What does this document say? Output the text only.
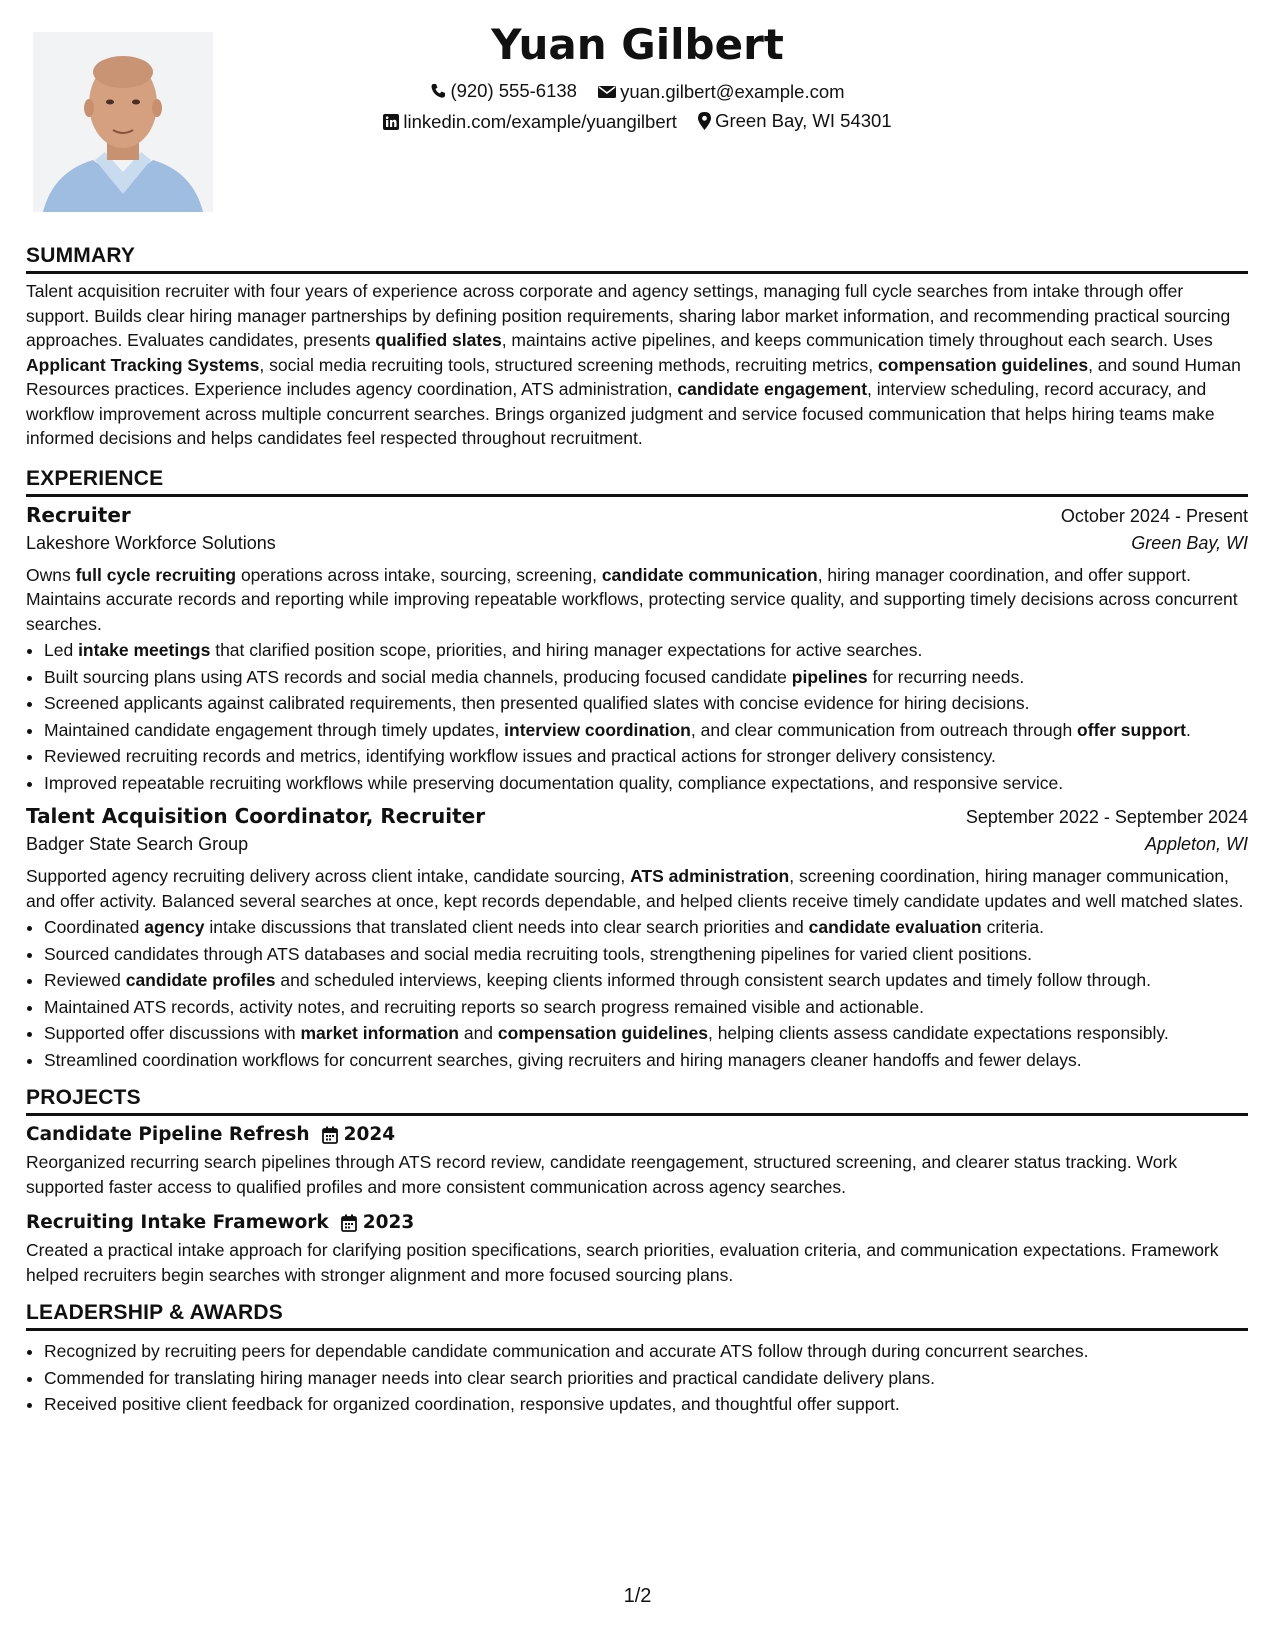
Yuan Gilbert
(920) 555-6138
yuan.gilbert@example.com
linkedin.com/example/yuangilbert
Green Bay, WI 54301
SUMMARY

Talent acquisition recruiter with four years of experience across corporate and agency settings, managing full cycle searches from intake through offer support. Builds clear hiring manager partnerships by defining position requirements, sharing labor market information, and recommending practical sourcing approaches. Evaluates candidates, presents qualified slates, maintains active pipelines, and keeps communication timely throughout each search. Uses Applicant Tracking Systems, social media recruiting tools, structured screening methods, recruiting metrics, compensation guidelines, and sound Human Resources practices. Experience includes agency coordination, ATS administration, candidate engagement, interview scheduling, record accuracy, and workflow improvement across multiple concurrent searches. Brings organized judgment and service focused communication that helps hiring teams make informed decisions and helps candidates feel respected throughout recruitment.

EXPERIENCE
Recruiter	October 2024 - Present
Lakeshore Workforce Solutions	Green Bay, WI

Owns full cycle recruiting operations across intake, sourcing, screening, candidate communication, hiring manager coordination, and offer support. Maintains accurate records and reporting while improving repeatable workflows, protecting service quality, and supporting timely decisions across concurrent searches.

• Led intake meetings that clarified position scope, priorities, and hiring manager expectations for active searches.
• Built sourcing plans using ATS records and social media channels, producing focused candidate pipelines for recurring needs.
• Screened applicants against calibrated requirements, then presented qualified slates with concise evidence for hiring decisions.
• Maintained candidate engagement through timely updates, interview coordination, and clear communication from outreach through offer support.
• Reviewed recruiting records and metrics, identifying workflow issues and practical actions for stronger delivery consistency.
• Improved repeatable recruiting workflows while preserving documentation quality, compliance expectations, and responsive service.
Talent Acquisition Coordinator, Recruiter	September 2022 - September 2024
Badger State Search Group	Appleton, WI

Supported agency recruiting delivery across client intake, candidate sourcing, ATS administration, screening coordination, hiring manager communication, and offer activity. Balanced several searches at once, kept records dependable, and helped clients receive timely candidate updates and well matched slates.

• Coordinated agency intake discussions that translated client needs into clear search priorities and candidate evaluation criteria.
• Sourced candidates through ATS databases and social media recruiting tools, strengthening pipelines for varied client positions.
• Reviewed candidate profiles and scheduled interviews, keeping clients informed through consistent search updates and timely follow through.
• Maintained ATS records, activity notes, and recruiting reports so search progress remained visible and actionable.
• Supported offer discussions with market information and compensation guidelines, helping clients assess candidate expectations responsibly.
• Streamlined coordination workflows for concurrent searches, giving recruiters and hiring managers cleaner handoffs and fewer delays.
PROJECTS
Candidate Pipeline Refresh 2024

Reorganized recurring search pipelines through ATS record review, candidate reengagement, structured screening, and clearer status tracking. Work supported faster access to qualified profiles and more consistent communication across agency searches.

Recruiting Intake Framework 2023

Created a practical intake approach for clarifying position specifications, search priorities, evaluation criteria, and communication expectations. Framework helped recruiters begin searches with stronger alignment and more focused sourcing plans.

LEADERSHIP & AWARDS
• Recognized by recruiting peers for dependable candidate communication and accurate ATS follow through during concurrent searches.
• Commended for translating hiring manager needs into clear search priorities and practical candidate delivery plans.
• Received positive client feedback for organized coordination, responsive updates, and thoughtful offer support.
1/2
